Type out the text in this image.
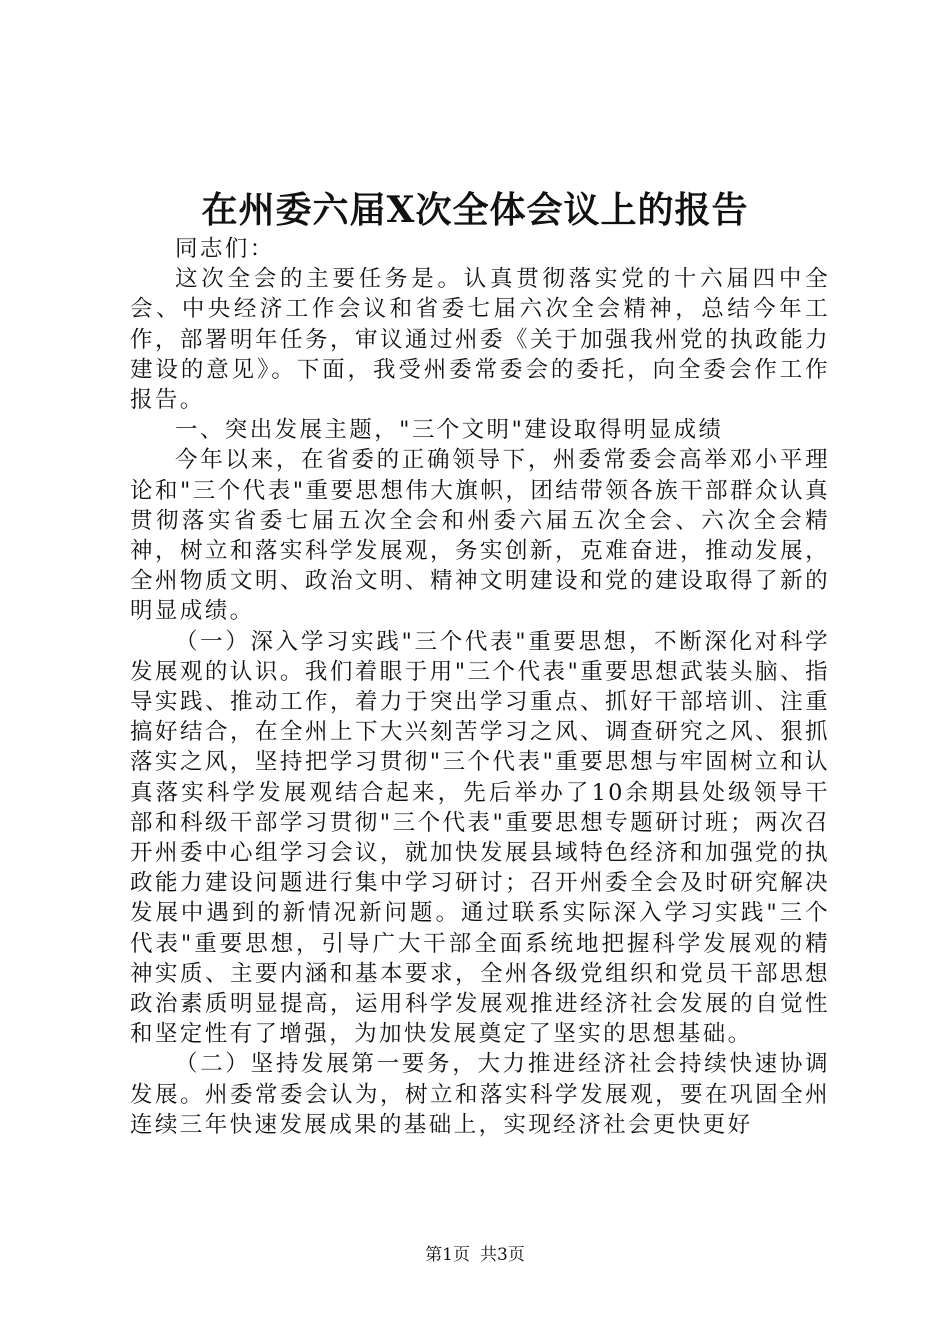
在州委六届X次全体会议上的报告

同志们：

这次全会的主要任务是。认真贯彻落实党的十六届四中全会、中央经济工作会议和省委七届六次全会精神，总结今年工作，部署明年任务，审议通过州委《关于加强我州党的执政能力建设的意见》。下面，我受州委常委会的委托，向全委会作工作报告。

一、突出发展主题，"三个文明"建设取得明显成绩

今年以来，在省委的正确领导下，州委常委会高举邓小平理论和"三个代表"重要思想伟大旗帜，团结带领各族干部群众认真贯彻落实省委七届五次全会和州委六届五次全会、六次全会精神，树立和落实科学发展观，务实创新，克难奋进，推动发展，全州物质文明、政治文明、精神文明建设和党的建设取得了新的明显成绩。

（一）深入学习实践"三个代表"重要思想，不断深化对科学发展观的认识。我们着眼于用"三个代表"重要思想武装头脑、指导实践、推动工作，着力于突出学习重点、抓好干部培训、注重搞好结合，在全州上下大兴刻苦学习之风、调查研究之风、狠抓落实之风，坚持把学习贯彻"三个代表"重要思想与牢固树立和认真落实科学发展观结合起来，先后举办了10余期县处级领导干部和科级干部学习贯彻"三个代表"重要思想专题研讨班；两次召开州委中心组学习会议，就加快发展县域特色经济和加强党的执政能力建设问题进行集中学习研讨；召开州委全会及时研究解决发展中遇到的新情况新问题。通过联系实际深入学习实践"三个代表"重要思想，引导广大干部全面系统地把握科学发展观的精神实质、主要内涵和基本要求，全州各级党组织和党员干部思想政治素质明显提高，运用科学发展观推进经济社会发展的自觉性和坚定性有了增强，为加快发展奠定了坚实的思想基础。

（二）坚持发展第一要务，大力推进经济社会持续快速协调发展。州委常委会认为，树立和落实科学发展观，要在巩固全州连续三年快速发展成果的基础上，实现经济社会更快更好

第1页 共3页
